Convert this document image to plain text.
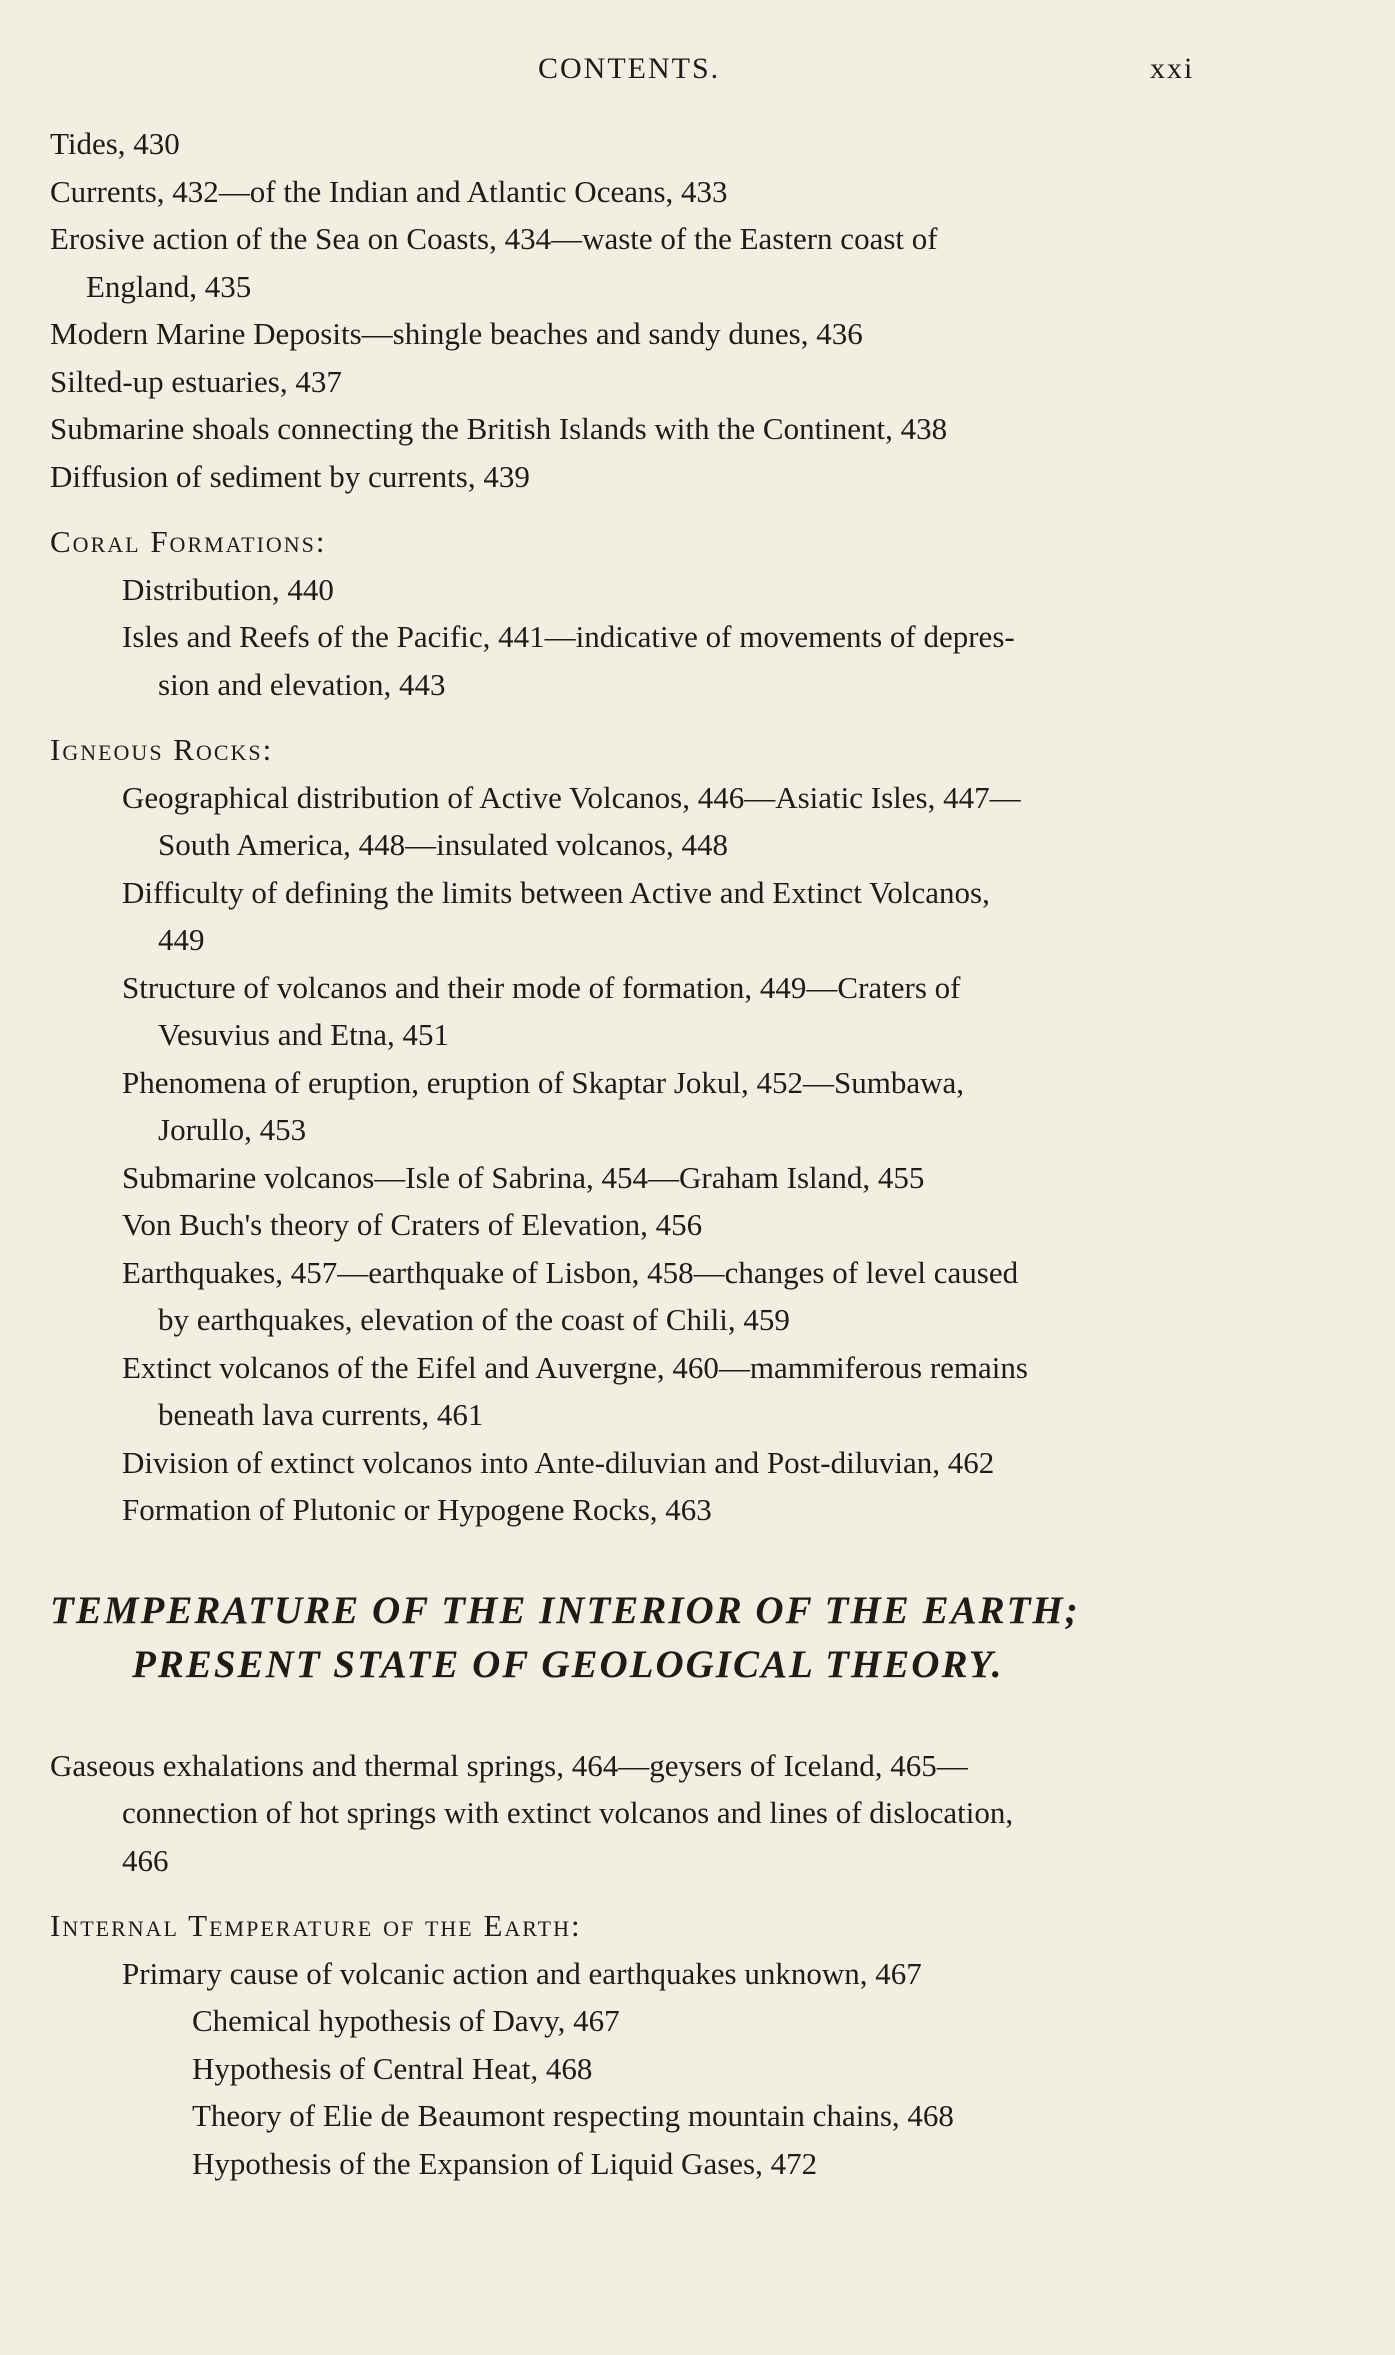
CONTENTS.	xxi
Tides, 430
Currents, 432—of the Indian and Atlantic Oceans, 433
Erosive action of the Sea on Coasts, 434—waste of the Eastern coast of
England, 435
Modern Marine Deposits—shingle beaches and sandy dunes, 436
Silted-up estuaries, 437
Submarine shoals connecting the British Islands with the Continent, 438
Diffusion of sediment by currents, 439
Coral Formations:
Distribution, 440
Isles and Reefs of the Pacific, 441—indicative of movements of depres-
sion and elevation, 443
Igneous Rocks:
Geographical distribution of Active Volcanos, 446—Asiatic Isles, 447—
South America, 448—insulated volcanos, 448
Difficulty of defining the limits between Active and Extinct Volcanos,
449
Structure of volcanos and their mode of formation, 449—Craters of
Vesuvius and Etna, 451
Phenomena of eruption, eruption of Skaptar Jokul, 452—Sumbawa,
Jorullo, 453
Submarine volcanos—Isle of Sabrina, 454—Graham Island, 455
Von Buch's theory of Craters of Elevation, 456
Earthquakes, 457—earthquake of Lisbon, 458—changes of level caused
by earthquakes, elevation of the coast of Chili, 459
Extinct volcanos of the Eifel and Auvergne, 460—mammiferous remains
beneath lava currents, 461
Division of extinct volcanos into Ante-diluvian and Post-diluvian, 462
Formation of Plutonic or Hypogene Rocks, 463
TEMPERATURE OF THE INTERIOR OF THE EARTH;
PRESENT STATE OF GEOLOGICAL THEORY.
Gaseous exhalations and thermal springs, 464—geysers of Iceland, 465—
connection of hot springs with extinct volcanos and lines of dislocation,
466
Internal Temperature of the Earth:
Primary cause of volcanic action and earthquakes unknown, 467
Chemical hypothesis of Davy, 467
Hypothesis of Central Heat, 468
Theory of Elie de Beaumont respecting mountain chains, 468
Hypothesis of the Expansion of Liquid Gases, 472
